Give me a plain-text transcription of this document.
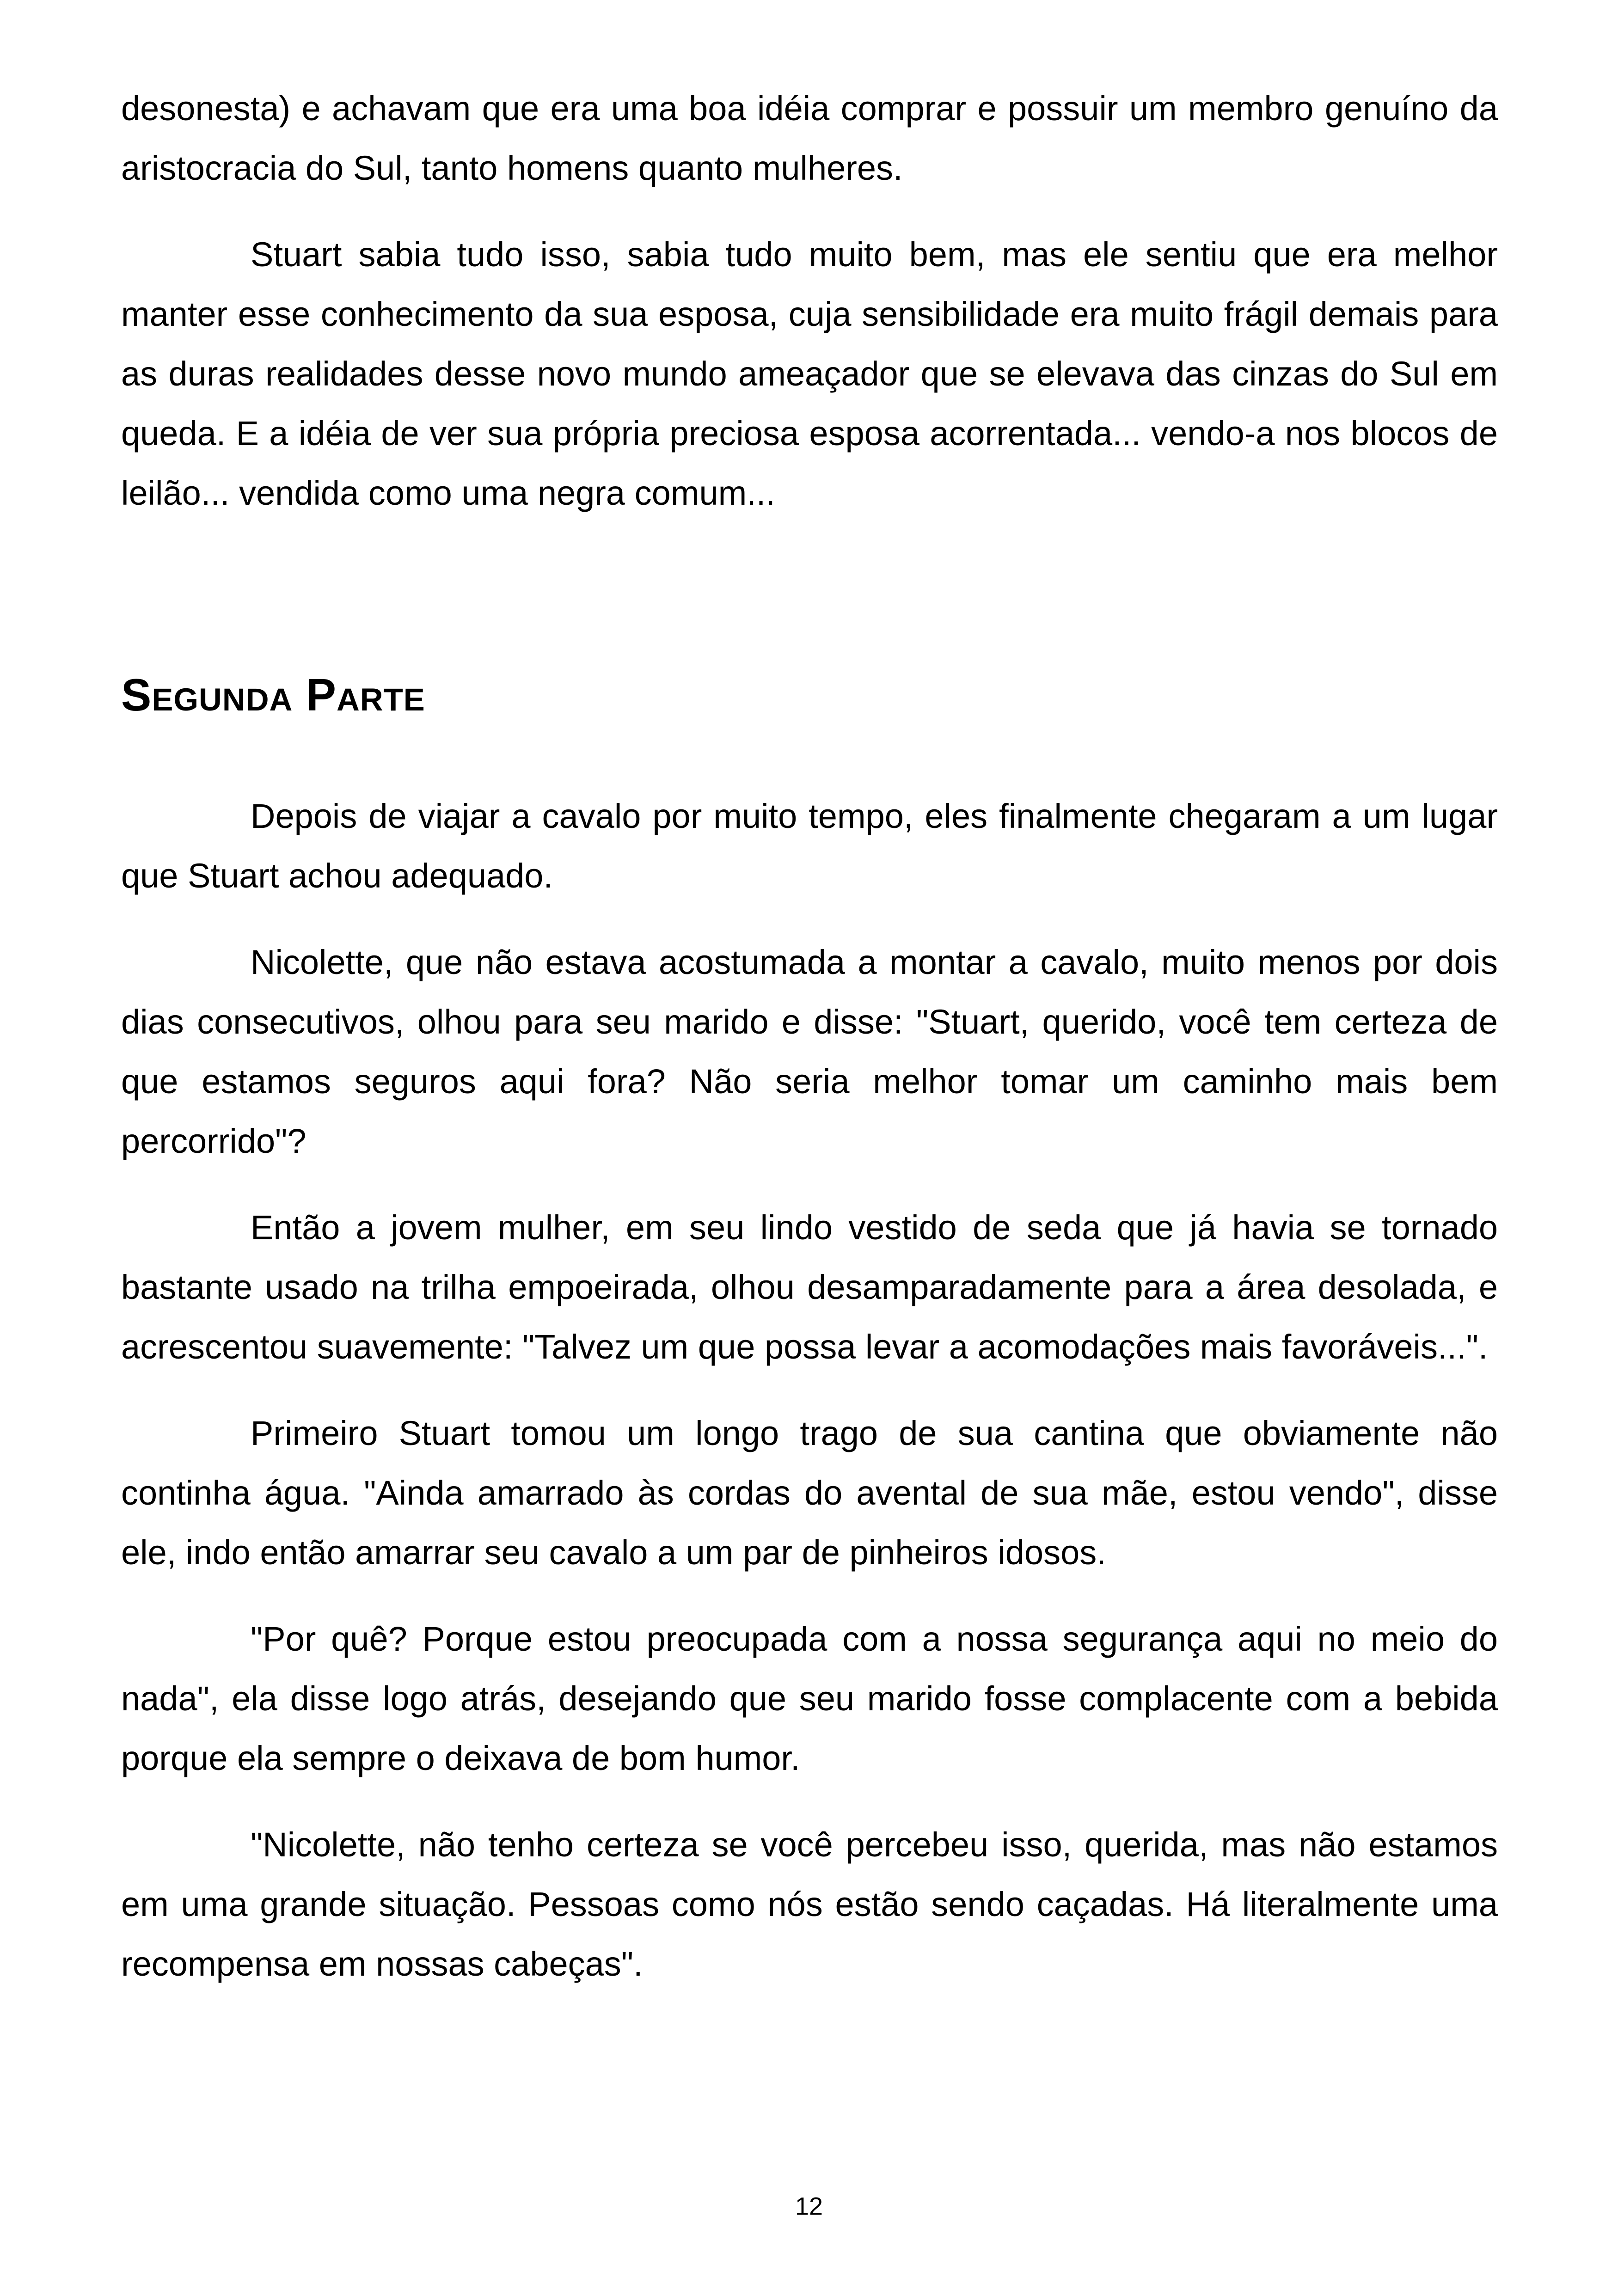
desonesta) e achavam que era uma boa idéia comprar e possuir um membro genuíno da aristocracia do Sul, tanto homens quanto mulheres.

Stuart sabia tudo isso, sabia tudo muito bem, mas ele sentiu que era melhor manter esse conhecimento da sua esposa, cuja sensibilidade era muito frágil demais para as duras realidades desse novo mundo ameaçador que se elevava das cinzas do Sul em queda. E a idéia de ver sua própria preciosa esposa acorrentada... vendo-a nos blocos de leilão... vendida como uma negra comum...

Segunda Parte

Depois de viajar a cavalo por muito tempo, eles finalmente chegaram a um lugar que Stuart achou adequado.

Nicolette, que não estava acostumada a montar a cavalo, muito menos por dois dias consecutivos, olhou para seu marido e disse: "Stuart, querido, você tem certeza de que estamos seguros aqui fora? Não seria melhor tomar um caminho mais bem percorrido"?

Então a jovem mulher, em seu lindo vestido de seda que já havia se tornado bastante usado na trilha empoeirada, olhou desamparadamente para a área desolada, e acrescentou suavemente: "Talvez um que possa levar a acomodações mais favoráveis...".

Primeiro Stuart tomou um longo trago de sua cantina que obviamente não continha água. "Ainda amarrado às cordas do avental de sua mãe, estou vendo", disse ele, indo então amarrar seu cavalo a um par de pinheiros idosos.

"Por quê? Porque estou preocupada com a nossa segurança aqui no meio do nada", ela disse logo atrás, desejando que seu marido fosse complacente com a bebida porque ela sempre o deixava de bom humor.

"Nicolette, não tenho certeza se você percebeu isso, querida, mas não estamos em uma grande situação. Pessoas como nós estão sendo caçadas. Há literalmente uma recompensa em nossas cabeças".

12
